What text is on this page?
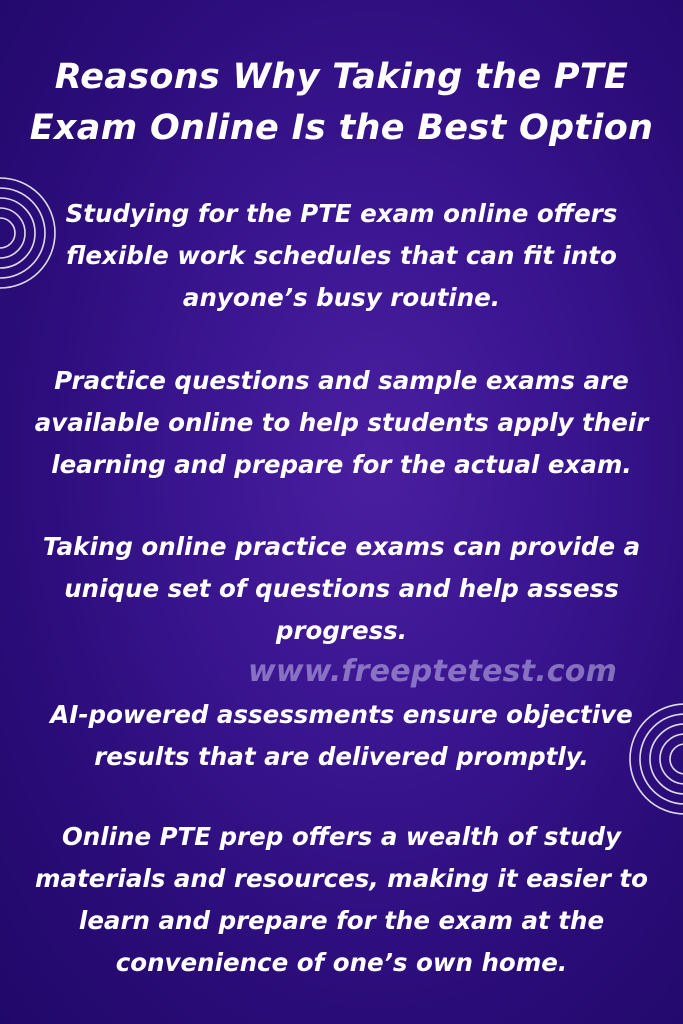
Reasons Why Taking the PTE
Exam Online Is the Best Option

Studying for the PTE exam online offers
flexible work schedules that can fit into
anyone’s busy routine.

Practice questions and sample exams are
available online to help students apply their
learning and prepare for the actual exam.

Taking online practice exams can provide a
unique set of questions and help assess
progress.

www.freeptetest.com

AI-powered assessments ensure objective
results that are delivered promptly.

Online PTE prep offers a wealth of study
materials and resources, making it easier to
learn and prepare for the exam at the
convenience of one’s own home.
